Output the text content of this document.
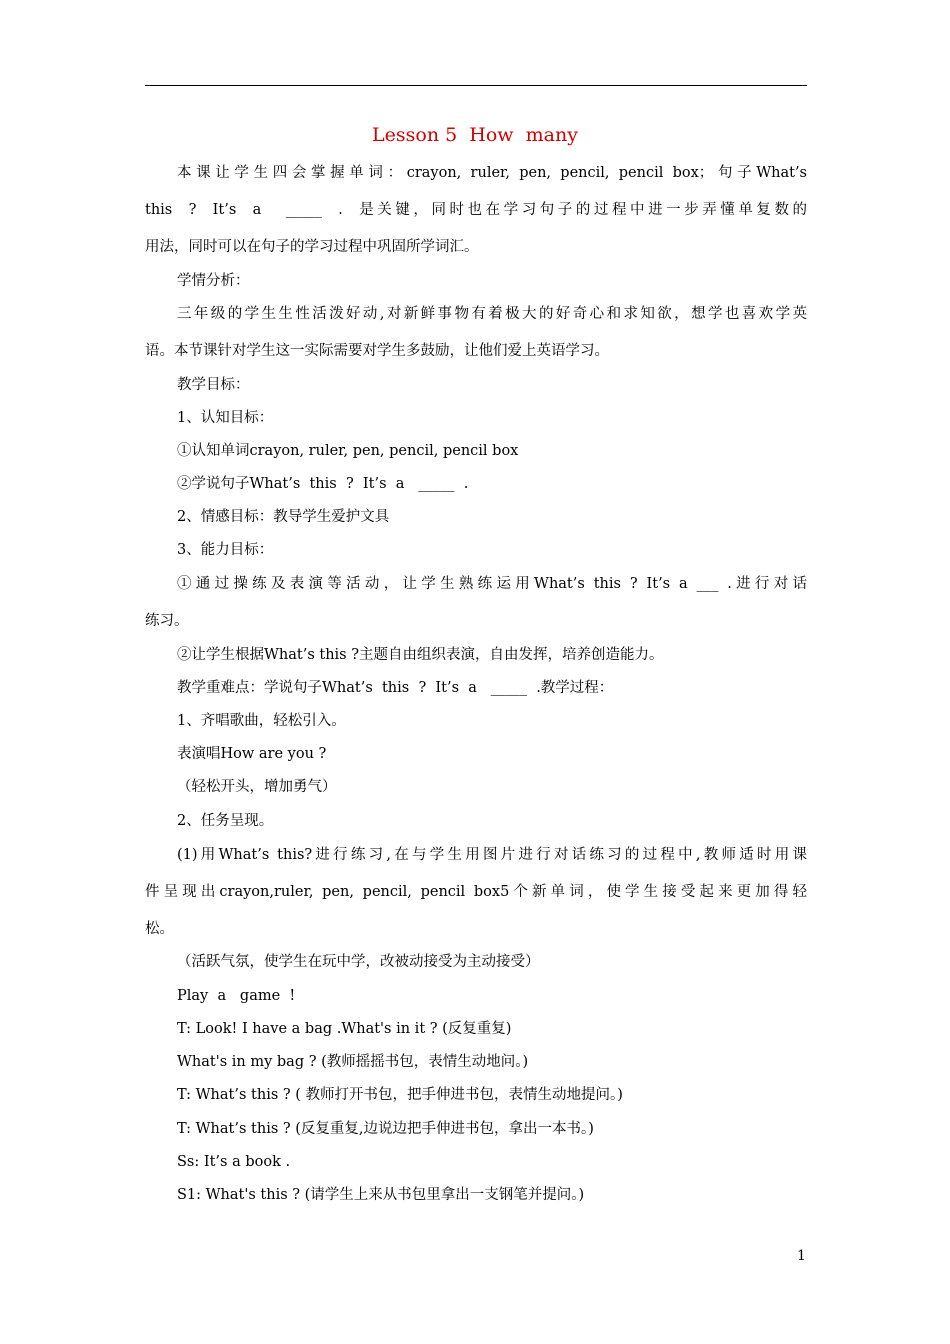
Lesson 5  How  many
本课让学生四会掌握单词：crayon, ruler, pen, pencil, pencil box；句子What’s
this  ?  It’s  a   _____  .  是关键，同时也在学习句子的过程中进一步弄懂单复数的
用法，同时可以在句子的学习过程中巩固所学词汇。
学情分析：
三年级的学生生性活泼好动,对新鲜事物有着极大的好奇心和求知欲，想学也喜欢学英
语。本节课针对学生这一实际需要对学生多鼓励，让他们爱上英语学习。
教学目标：
1、认知目标：
①认知单词crayon, ruler, pen, pencil, pencil box
②学说句子What’s  this  ?  It’s  a   _____  .
2、情感目标：教导学生爱护文具
3、能力目标：
①通过操练及表演等活动，让学生熟练运用What’s this ? It’s a ___ .进行对话
练习。
②让学生根据What’s this ?主题自由组织表演，自由发挥，培养创造能力。
教学重难点：学说句子What’s  this  ?  It’s  a   _____  .教学过程：
1、齐唱歌曲，轻松引入。
表演唱How are you ?
（轻松开头，增加勇气）
2、任务呈现。
(1)用What’s this?进行练习,在与学生用图片进行对话练习的过程中,教师适时用课
件呈现出crayon,ruler, pen, pencil, pencil box5个新单词，使学生接受起来更加得轻
松。
（活跃气氛，使学生在玩中学，改被动接受为主动接受）
Play  a   game  !
T: Look! I have a bag .What's in it ? (反复重复)
What's in my bag ? (教师摇摇书包，表情生动地问。)
T: What’s this ? ( 教师打开书包，把手伸进书包，表情生动地提问。)
T: What’s this ? (反复重复,边说边把手伸进书包，拿出一本书。)
Ss: It’s a book .
S1: What's this ? (请学生上来从书包里拿出一支钢笔并提问。)
1
